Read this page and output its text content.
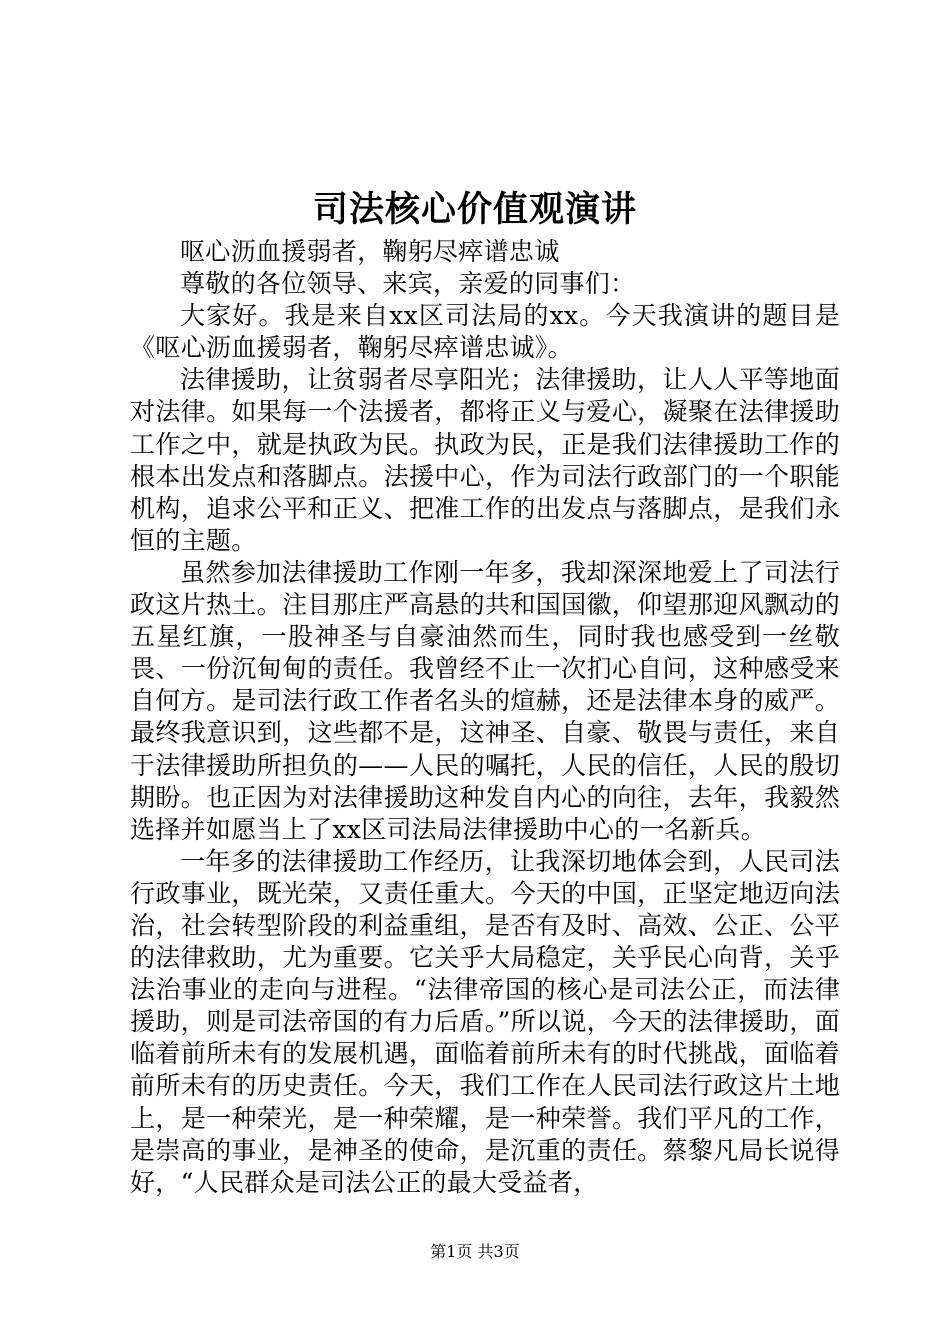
司法核心价值观演讲

呕心沥血援弱者，鞠躬尽瘁谱忠诚

尊敬的各位领导、来宾，亲爱的同事们：

大家好。我是来自xx区司法局的xx。今天我演讲的题目是《呕心沥血援弱者，鞠躬尽瘁谱忠诚》。

法律援助，让贫弱者尽享阳光；法律援助，让人人平等地面对法律。如果每一个法援者，都将正义与爱心，凝聚在法律援助工作之中，就是执政为民。执政为民，正是我们法律援助工作的根本出发点和落脚点。法援中心，作为司法行政部门的一个职能机构，追求公平和正义、把准工作的出发点与落脚点，是我们永恒的主题。

虽然参加法律援助工作刚一年多，我却深深地爱上了司法行政这片热土。注目那庄严高悬的共和国国徽，仰望那迎风飘动的五星红旗，一股神圣与自豪油然而生，同时我也感受到一丝敬畏、一份沉甸甸的责任。我曾经不止一次扪心自问，这种感受来自何方。是司法行政工作者名头的煊赫，还是法律本身的威严。最终我意识到，这些都不是，这神圣、自豪、敬畏与责任，来自于法律援助所担负的——人民的嘱托，人民的信任，人民的殷切期盼。也正因为对法律援助这种发自内心的向往，去年，我毅然选择并如愿当上了xx区司法局法律援助中心的一名新兵。

一年多的法律援助工作经历，让我深切地体会到，人民司法行政事业，既光荣，又责任重大。今天的中国，正坚定地迈向法治，社会转型阶段的利益重组，是否有及时、高效、公正、公平的法律救助，尤为重要。它关乎大局稳定，关乎民心向背，关乎法治事业的走向与进程。“法律帝国的核心是司法公正，而法律援助，则是司法帝国的有力后盾。”所以说，今天的法律援助，面临着前所未有的发展机遇，面临着前所未有的时代挑战，面临着前所未有的历史责任。今天，我们工作在人民司法行政这片土地上，是一种荣光，是一种荣耀，是一种荣誉。我们平凡的工作，是崇高的事业，是神圣的使命，是沉重的责任。蔡黎凡局长说得好，“人民群众是司法公正的最大受益者，

第1页 共3页
